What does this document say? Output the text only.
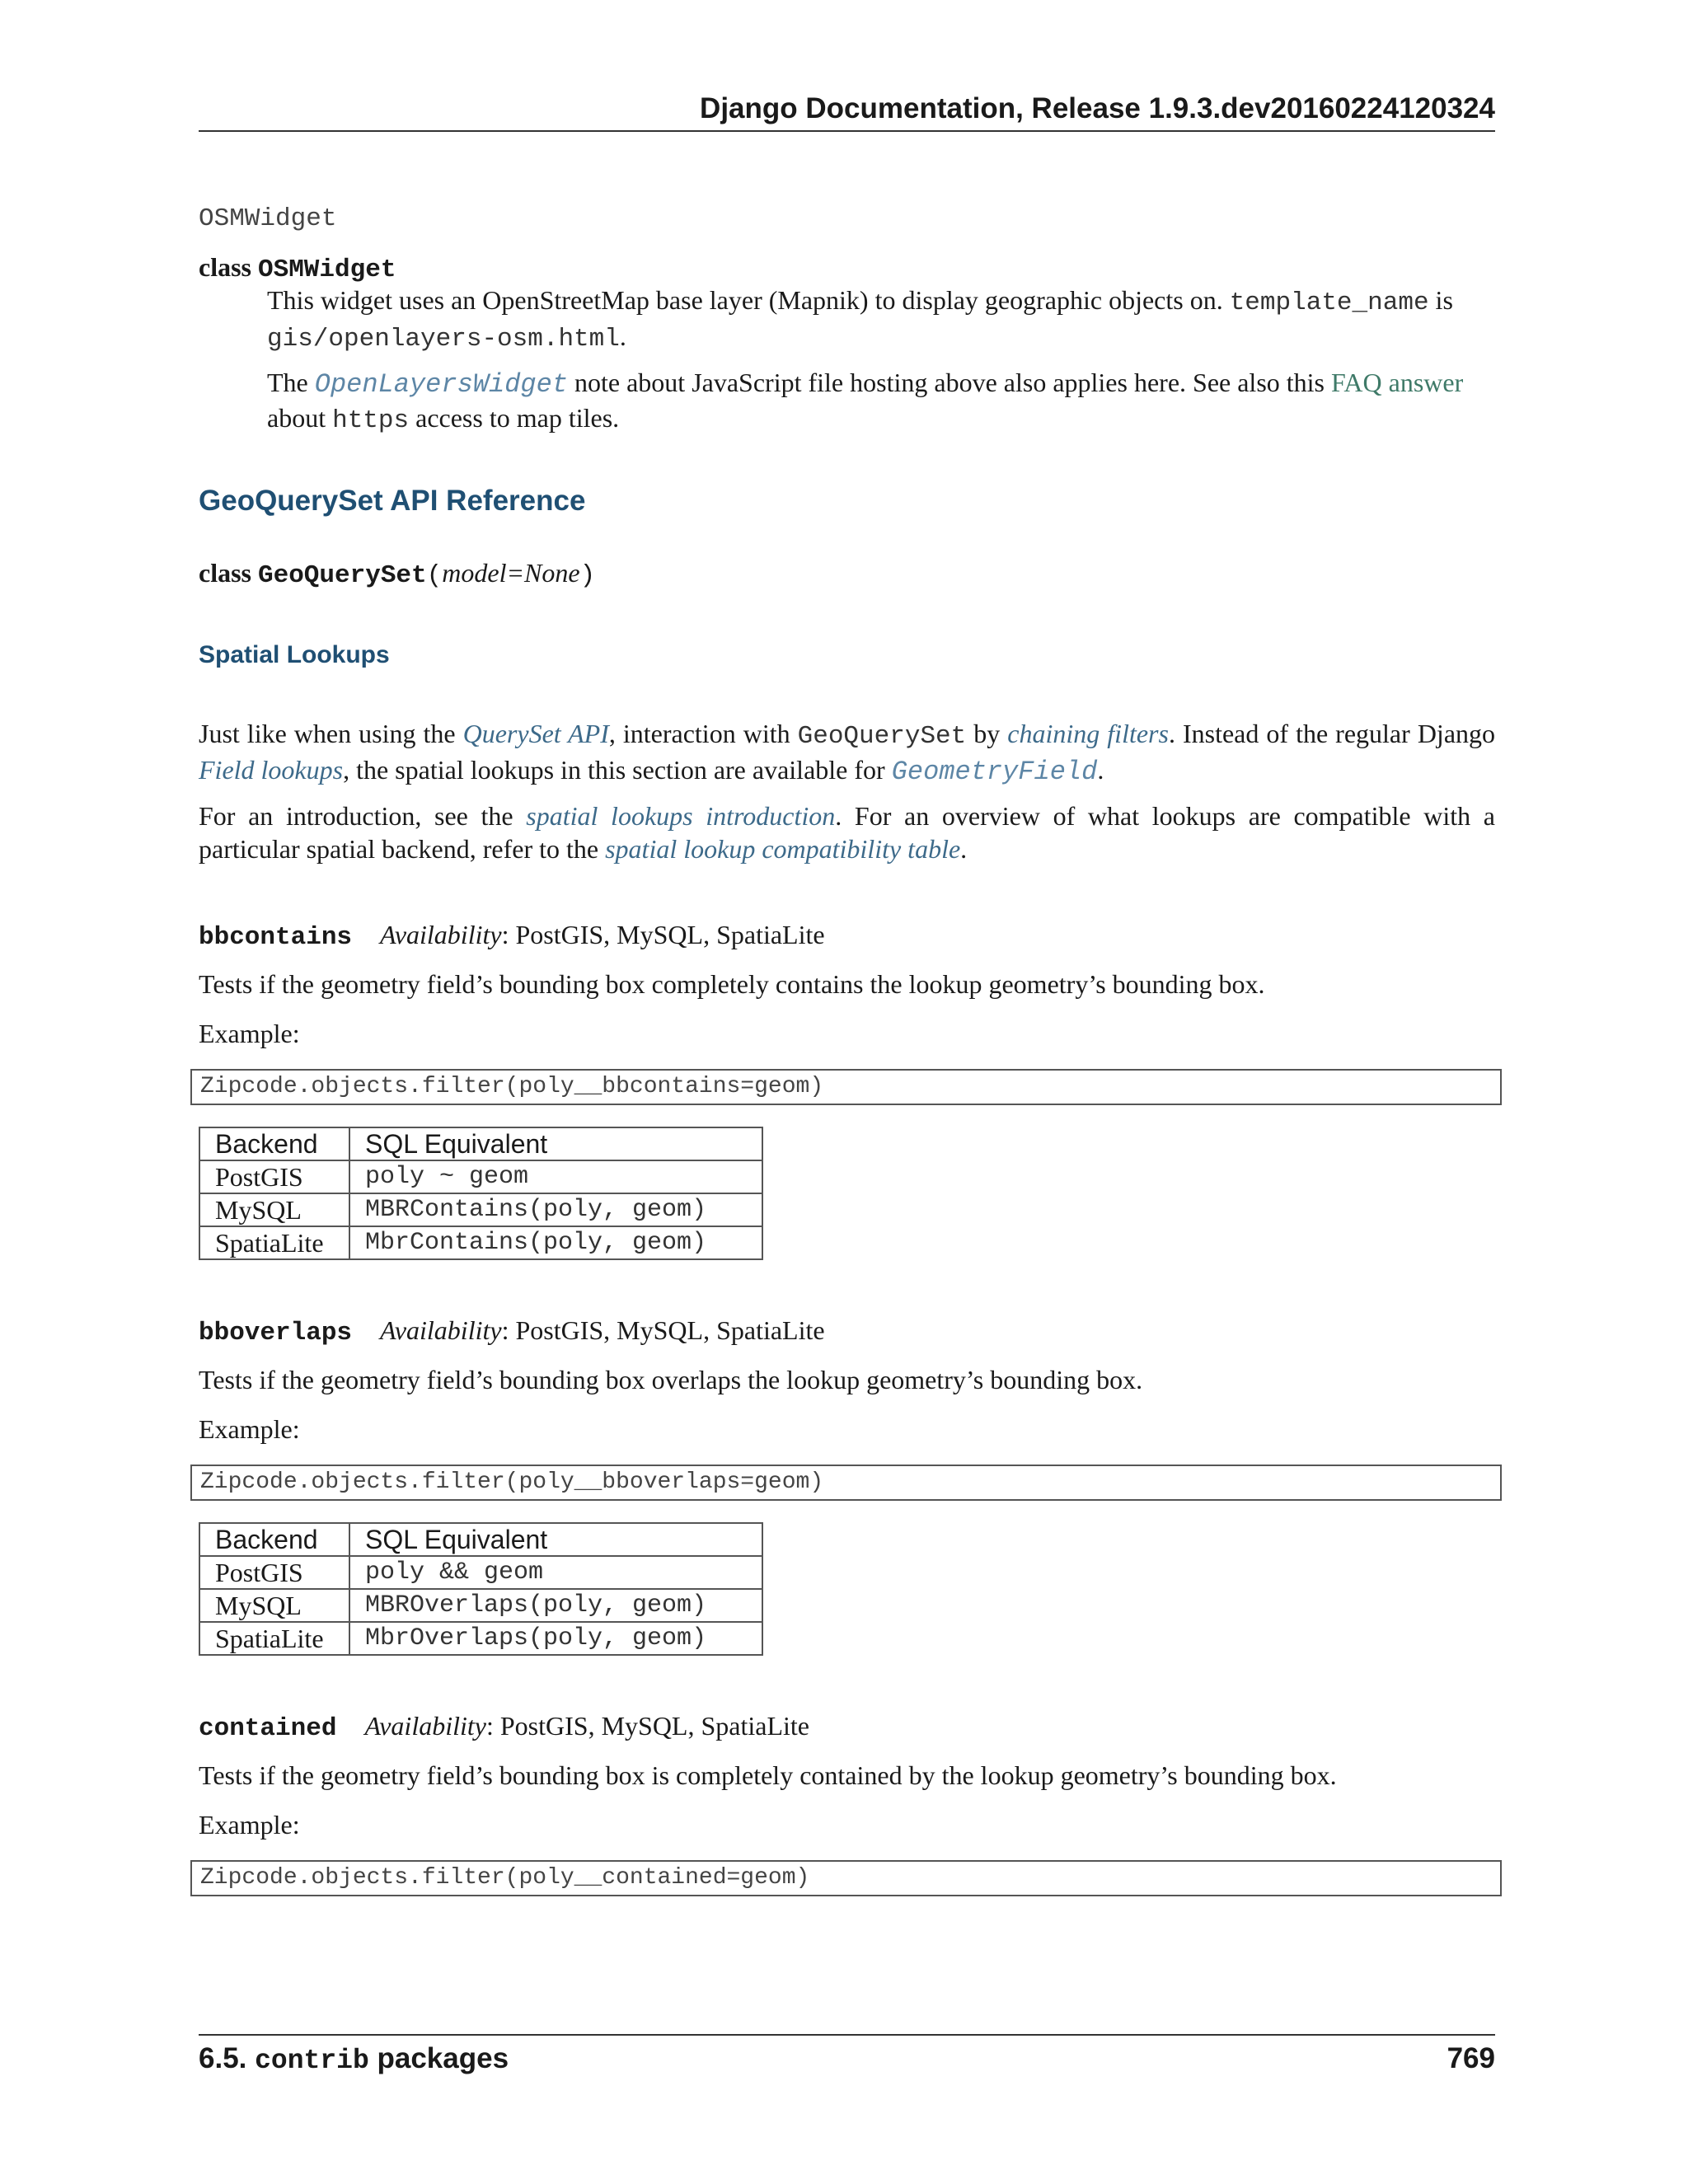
Django Documentation, Release 1.9.3.dev20160224120324
OSMWidget
class OSMWidget
This widget uses an OpenStreetMap base layer (Mapnik) to display geographic objects on. template_name is gis/openlayers-osm.html.
The OpenLayersWidget note about JavaScript file hosting above also applies here. See also this FAQ answer about https access to map tiles.
GeoQuerySet API Reference
class GeoQuerySet(model=None)
Spatial Lookups
Just like when using the QuerySet API, interaction with GeoQuerySet by chaining filters. Instead of the regular Django Field lookups, the spatial lookups in this section are available for GeometryField.
For an introduction, see the spatial lookups introduction. For an overview of what lookups are compatible with a particular spatial backend, refer to the spatial lookup compatibility table.
bbcontains Availability: PostGIS, MySQL, SpatiaLite
Tests if the geometry field’s bounding box completely contains the lookup geometry’s bounding box.
Example:
Zipcode.objects.filter(poly__bbcontains=geom)
Backend	SQL Equivalent
PostGIS	poly ~ geom
MySQL	MBRContains(poly, geom)
SpatiaLite	MbrContains(poly, geom)
bboverlaps Availability: PostGIS, MySQL, SpatiaLite
Tests if the geometry field’s bounding box overlaps the lookup geometry’s bounding box.
Example:
Zipcode.objects.filter(poly__bboverlaps=geom)
Backend	SQL Equivalent
PostGIS	poly && geom
MySQL	MBROverlaps(poly, geom)
SpatiaLite	MbrOverlaps(poly, geom)
contained Availability: PostGIS, MySQL, SpatiaLite
Tests if the geometry field’s bounding box is completely contained by the lookup geometry’s bounding box.
Example:
Zipcode.objects.filter(poly__contained=geom)
6.5. contrib packages	769
